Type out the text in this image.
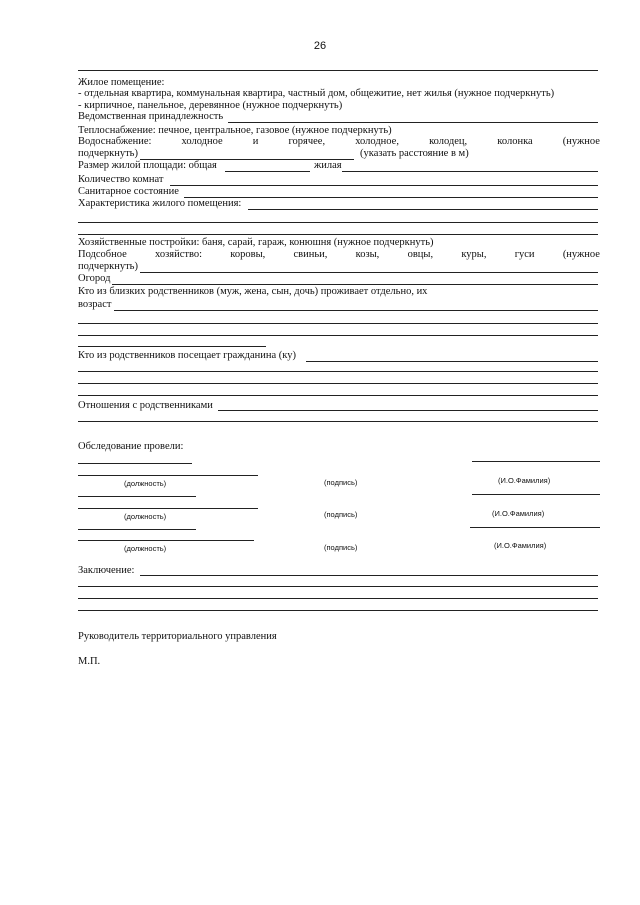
26
Жилое помещение:
- отдельная квартира, коммунальная квартира, частный дом, общежитие, нет жилья (нужное подчеркнуть)
- кирпичное, панельное, деревянное (нужное подчеркнуть)
Ведомственная принадлежность
Теплоснабжение: печное, центральное, газовое (нужное подчеркнуть)
Водоснабжение:	холодное	и	горячее,	холодное,	колодец,	колонка	(нужное
подчеркнуть)	(указать расстояние в м)
Размер жилой площади: общая	жилая
Количество комнат
Санитарное состояние
Характеристика жилого помещения:
Хозяйственные постройки: баня, сарай, гараж, конюшня (нужное подчеркнуть)
Подсобное	хозяйство:	коровы,	свиньи,	козы,	овцы,	куры,	гуси	(нужное
подчеркнуть)
Огород
Кто из близких родственников (муж, жена, сын, дочь) проживает отдельно, их
возраст
Кто из родственников посещает гражданина (ку)
Отношения с родственниками
Обследование провели:
(должность)	(подпись)	(И.О.Фамилия)
(должность)	(подпись)	(И.О.Фамилия)
(должность)	(подпись)	(И.О.Фамилия)
Заключение:
Руководитель территориального управления
М.П.
